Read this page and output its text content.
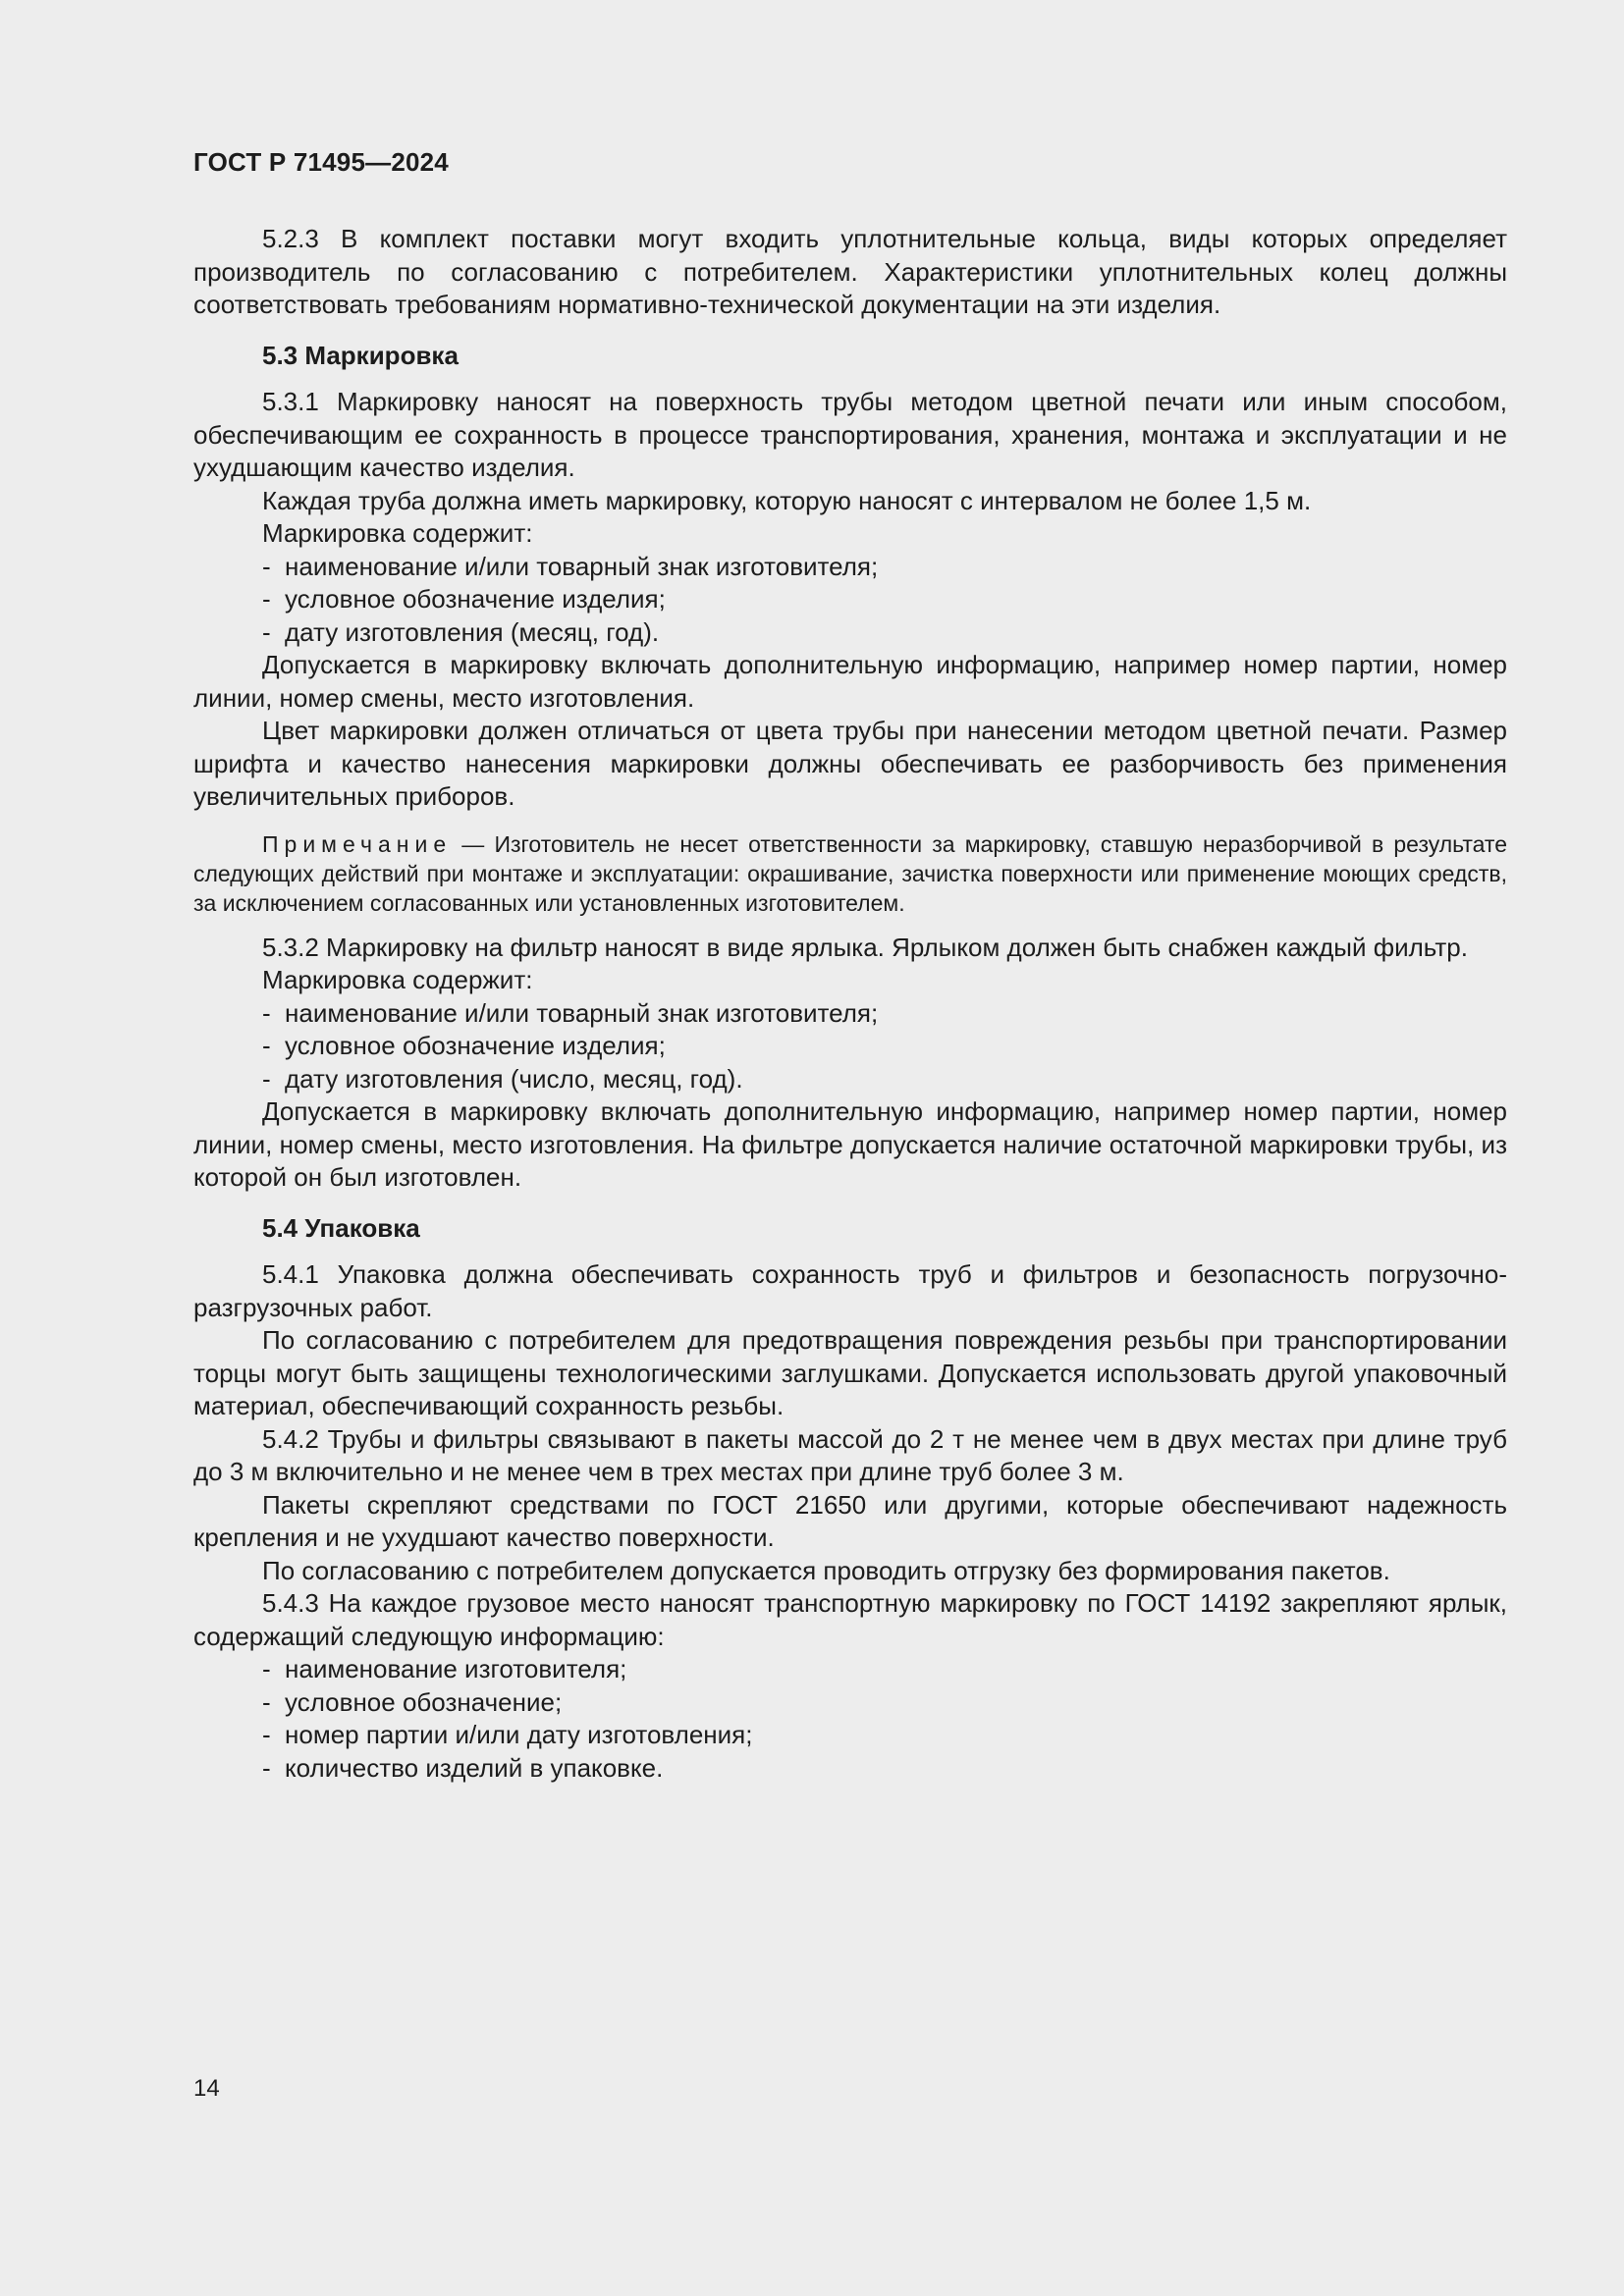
ГОСТ Р 71495—2024

5.2.3 В комплект поставки могут входить уплотнительные кольца, виды которых определяет производитель по согласованию с потребителем. Характеристики уплотнительных колец должны соответствовать требованиям нормативно-технической документации на эти изделия.

5.3 Маркировка

5.3.1 Маркировку наносят на поверхность трубы методом цветной печати или иным способом, обеспечивающим ее сохранность в процессе транспортирования, хранения, монтажа и эксплуатации и не ухудшающим качество изделия.

Каждая труба должна иметь маркировку, которую наносят с интервалом не более 1,5 м.

Маркировка содержит:

- наименование и/или товарный знак изготовителя;
- условное обозначение изделия;
- дату изготовления (месяц, год).

Допускается в маркировку включать дополнительную информацию, например номер партии, номер линии, номер смены, место изготовления.

Цвет маркировки должен отличаться от цвета трубы при нанесении методом цветной печати. Размер шрифта и качество нанесения маркировки должны обеспечивать ее разборчивость без применения увеличительных приборов.

Примечание — Изготовитель не несет ответственности за маркировку, ставшую неразборчивой в результате следующих действий при монтаже и эксплуатации: окрашивание, зачистка поверхности или применение моющих средств, за исключением согласованных или установленных изготовителем.

5.3.2 Маркировку на фильтр наносят в виде ярлыка. Ярлыком должен быть снабжен каждый фильтр.

Маркировка содержит:

- наименование и/или товарный знак изготовителя;
- условное обозначение изделия;
- дату изготовления (число, месяц, год).

Допускается в маркировку включать дополнительную информацию, например номер партии, номер линии, номер смены, место изготовления. На фильтре допускается наличие остаточной маркировки трубы, из которой он был изготовлен.

5.4 Упаковка

5.4.1 Упаковка должна обеспечивать сохранность труб и фильтров и безопасность погрузочно-разгрузочных работ.

По согласованию с потребителем для предотвращения повреждения резьбы при транспортировании торцы могут быть защищены технологическими заглушками. Допускается использовать другой упаковочный материал, обеспечивающий сохранность резьбы.

5.4.2 Трубы и фильтры связывают в пакеты массой до 2 т не менее чем в двух местах при длине труб до 3 м включительно и не менее чем в трех местах при длине труб более 3 м.

Пакеты скрепляют средствами по ГОСТ 21650 или другими, которые обеспечивают надежность крепления и не ухудшают качество поверхности.

По согласованию с потребителем допускается проводить отгрузку без формирования пакетов.

5.4.3 На каждое грузовое место наносят транспортную маркировку по ГОСТ 14192 закрепляют ярлык, содержащий следующую информацию:

- наименование изготовителя;
- условное обозначение;
- номер партии и/или дату изготовления;
- количество изделий в упаковке.
14
